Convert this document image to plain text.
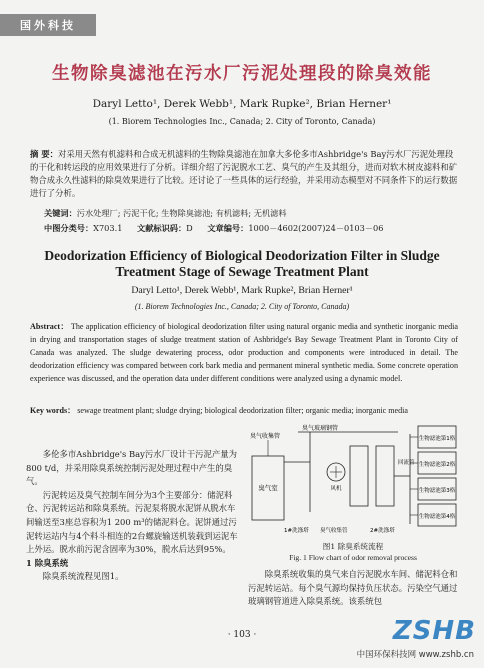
国外科技
生物除臭滤池在污水厂污泥处理段的除臭效能
Daryl Letto¹, Derek Webb¹, Mark Rupke², Brian Herner¹
(1. Biorem Technologies Inc., Canada; 2. City of Toronto, Canada)
摘 要：对采用天然有机滤料和合成无机滤料的生物除臭滤池在加拿大多伦多市Ashbridge's Bay污水厂污泥处理段的干化和转运段的应用效果进行了分析。详细介绍了污泥脱水工艺、臭气的产生及其组分，进而对软木树皮滤料和矿物合成永久性滤料的除臭效果进行了比较。还讨论了一些具体的运行经验，并采用动态模型对不同条件下的运行数据进行了分析。
关键词：污水处理厂; 污泥干化; 生物除臭滤池; 有机滤料; 无机滤料
中图分类号：X703.1 文献标识码：D 文章编号：1000－4602(2007)24－0103－06
Deodorization Efficiency of Biological Deodorization Filter in Sludge Treatment Stage of Sewage Treatment Plant
Daryl Letto¹, Derek Webb¹, Mark Rupke², Brian Herner¹
(1. Biorem Technologies Inc., Canada; 2. City of Toronto, Canada)
Abstract： The application efficiency of biological deodorization filter using natural organic media and synthetic inorganic media in drying and transportation stages of sludge treatment station of Ashbridge's Bay Sewage Treatment Plant in Toronto City of Canada was analyzed. The sludge dewatering process, odor production and components were introduced in detail. The deodorization efficiency was compared between cork bark media and permanent mineral synthetic media. Some concrete operation experience was discussed, and the operation data under different conditions were analyzed using a dynamic model.
Key words： sewage treatment plant; sludge drying; biological deodorization filter; organic media; inorganic media

多伦多市Ashbridge's Bay污水厂设计干污泥产量为800 t/d，并采用除臭系统控制污泥处理过程中产生的臭气。

污泥转运及臭气控制车间分为3个主要部分：储泥料仓、污泥转运站和除臭系统。污泥泵将脱水泥饼从脱水车间输送至3座总容积为1 200 m³的储泥料仓。泥饼通过污泥转运站内与4个料斗相连的2台螺旋输送机装载到运泥车上外运。脱水前污泥含固率为30%，脱水后达到95%。

1 除臭系统

除臭系统流程见图1。

臭气室
臭气收集管
臭气玻璃钢管
风机
回流管
生物滤池第1格
生物滤池第2格
生物滤池第3格
生物滤池第4格
1#洗涤塔 臭气收集管	2#洗涤塔
图1 除臭系统流程
Fig. 1 Flow chart of odor removal process

除臭系统收集的臭气来自污泥脱水车间、储泥料仓和污泥转运站。每个臭气源均保持负压状态。污染空气通过玻璃钢管道进入除臭系统。该系统包

· 103 ·	ZSHB
中国环保科技网 www.zshb.cn
